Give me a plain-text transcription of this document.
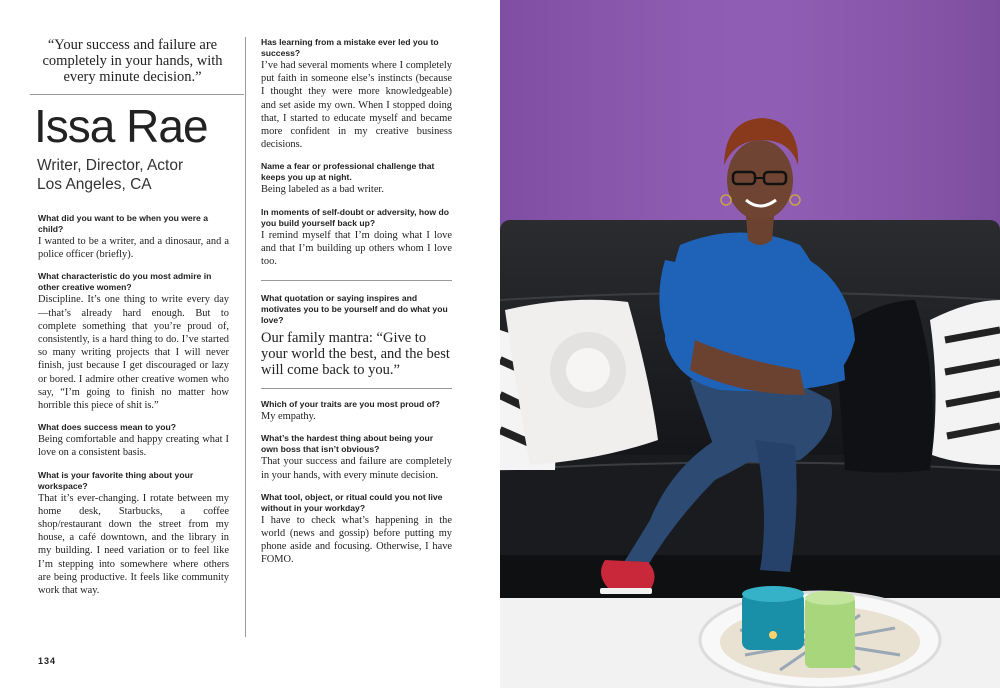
“Your success and failure are completely in your hands, with every minute decision.”
Issa Rae
Writer, Director, Actor
Los Angeles, CA

What did you want to be when you were a child?

I wanted to be a writer, and a dinosaur, and a police officer (briefly).

What characteristic do you most admire in other creative women?

Discipline. It’s one thing to write every day—that’s already hard enough. But to complete something that you’re proud of, consistently, is a hard thing to do. I’ve started so many writing projects that I will never finish, just because I get discouraged or lazy or bored. I admire other creative women who say, “I’m going to finish no matter how horrible this piece of shit is.”

What does success mean to you?

Being comfortable and happy creating what I love on a consistent basis.

What is your favorite thing about your workspace?

That it’s ever-changing. I rotate between my home desk, Starbucks, a coffee shop/restaurant down the street from my house, a café downtown, and the library in my building. I need variation or to feel like I’m stepping into somewhere where others are being productive. It feels like community work that way.

Has learning from a mistake ever led you to success?

I’ve had several moments where I completely put faith in someone else’s instincts (because I thought they were more knowledgeable) and set aside my own. When I stopped doing that, I started to educate myself and became more confident in my creative business decisions.

Name a fear or professional challenge that keeps you up at night.

Being labeled as a bad writer.

In moments of self-doubt or adversity, how do you build yourself back up?

I remind myself that I’m doing what I love and that I’m building up others whom I love too.

What quotation or saying inspires and motivates you to be yourself and do what you love?

Our family mantra: “Give to your world the best, and the best will come back to you.”

Which of your traits are you most proud of?

My empathy.

What’s the hardest thing about being your own boss that isn’t obvious?

That your success and failure are completely in your hands, with every minute decision.

What tool, object, or ritual could you not live without in your workday?

I have to check what’s happening in the world (news and gossip) before putting my phone aside and focusing. Otherwise, I have FOMO.

134
